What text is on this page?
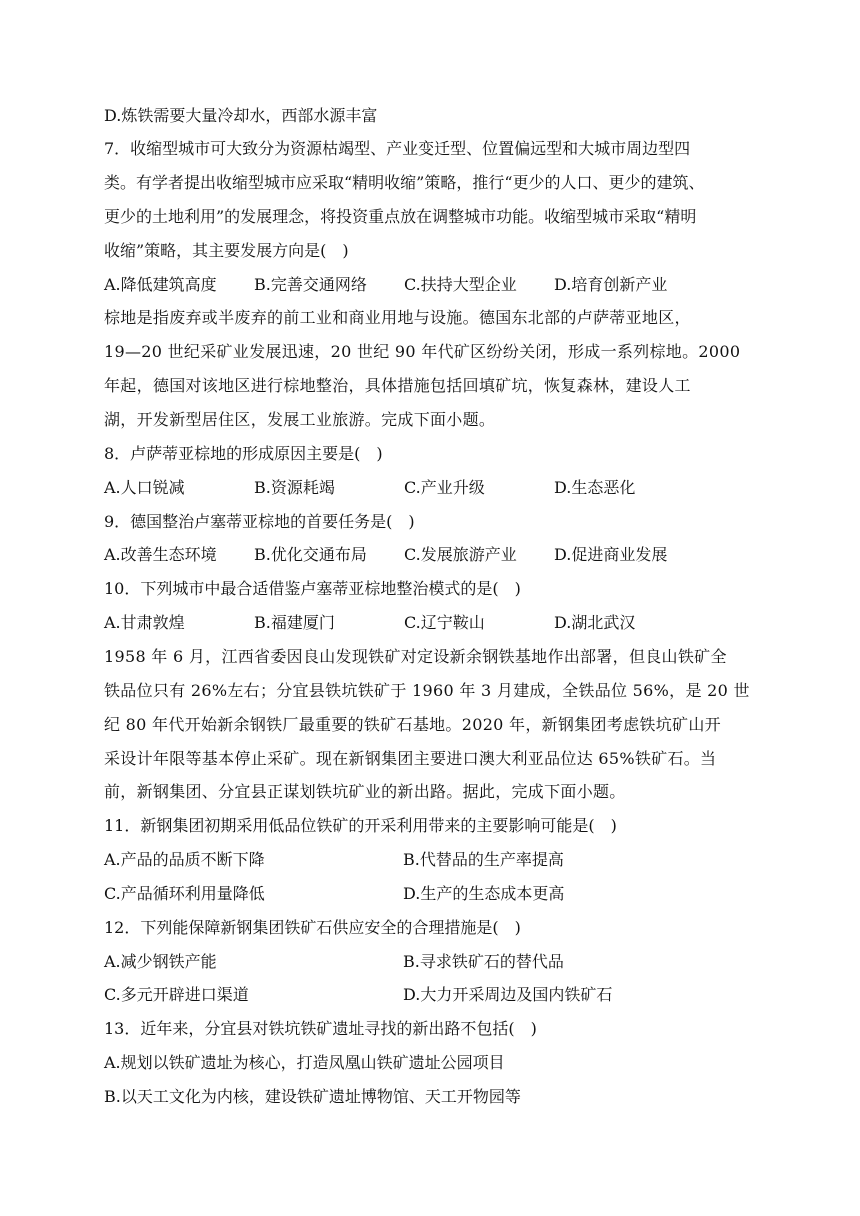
D.炼铁需要大量冷却水，西部水源丰富
7．收缩型城市可大致分为资源枯竭型、产业变迁型、位置偏远型和大城市周边型四
类。有学者提出收缩型城市应采取“精明收缩”策略，推行“更少的人口、更少的建筑、
更少的土地利用”的发展理念，将投资重点放在调整城市功能。收缩型城市采取“精明
收缩”策略，其主要发展方向是(　)
A.降低建筑高度 B.完善交通网络 C.扶持大型企业 D.培育创新产业
棕地是指废弃或半废弃的前工业和商业用地与设施。德国东北部的卢萨蒂亚地区，
19—20 世纪采矿业发展迅速，20 世纪 90 年代矿区纷纷关闭，形成一系列棕地。2000
年起，德国对该地区进行棕地整治，具体措施包括回填矿坑，恢复森林，建设人工
湖，开发新型居住区，发展工业旅游。完成下面小题。
8．卢萨蒂亚棕地的形成原因主要是(　)
A.人口锐减	B.资源耗竭	C.产业升级	D.生态恶化
9．德国整治卢塞蒂亚棕地的首要任务是(　)
A.改善生态环境 B.优化交通布局 C.发展旅游产业 D.促进商业发展
10．下列城市中最合适借鉴卢塞蒂亚棕地整治模式的是(　)
A.甘肃敦煌	B.福建厦门	C.辽宁鞍山	D.湖北武汉
1958 年 6 月，江西省委因良山发现铁矿对定设新余钢铁基地作出部署，但良山铁矿全
铁品位只有 26%左右；分宜县铁坑铁矿于 1960 年 3 月建成，全铁品位 56%，是 20 世
纪 80 年代开始新余钢铁厂最重要的铁矿石基地。2020 年，新钢集团考虑铁坑矿山开
采设计年限等基本停止采矿。现在新钢集团主要进口澳大利亚品位达 65%铁矿石。当
前，新钢集团、分宜县正谋划铁坑矿业的新出路。据此，完成下面小题。
11．新钢集团初期采用低品位铁矿的开采利用带来的主要影响可能是(　)
A.产品的品质不断下降	B.代替品的生产率提高
C.产品循环利用量降低	D.生产的生态成本更高
12．下列能保障新钢集团铁矿石供应安全的合理措施是(　)
A.减少钢铁产能	B.寻求铁矿石的替代品
C.多元开辟进口渠道	D.大力开采周边及国内铁矿石
13．近年来，分宜县对铁坑铁矿遗址寻找的新出路不包括(　)
A.规划以铁矿遗址为核心，打造凤凰山铁矿遗址公园项目
B.以天工文化为内核，建设铁矿遗址博物馆、天工开物园等
